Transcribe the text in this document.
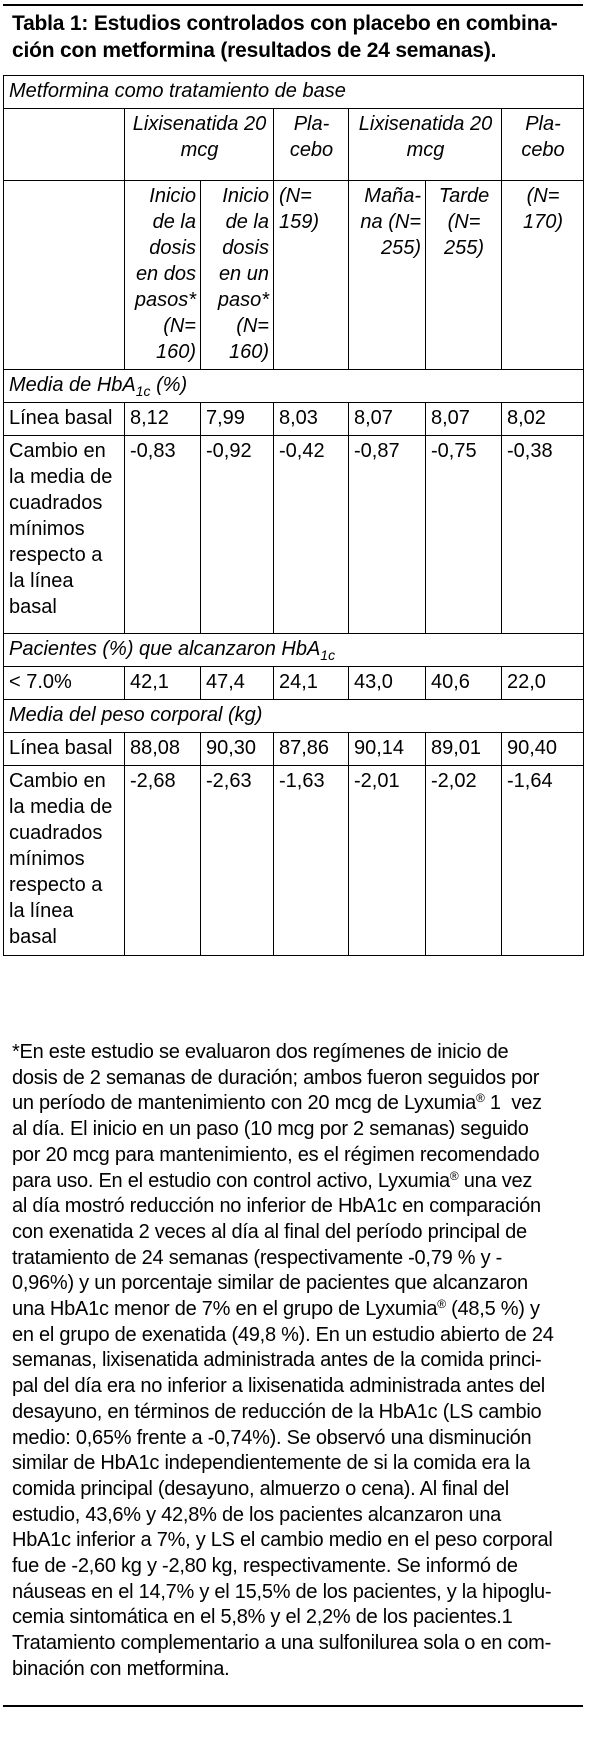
Tabla 1: Estudios controlados con placebo en combina-
ción con metformina (resultados de 24 semanas).
Metformina como tratamiento de base						
	Lixisenatida 20 mcg		Pla- cebo	Lixisenatida 20 mcg		Pla- cebo
	Inicio de la dosis en dos pasos* (N= 160)	Inicio de la dosis en un paso* (N= 160)	(N= 159)	Maña- na (N= 255)	Tarde (N= 255)	(N= 170)
Media de HbA$_{1c}$ (%)						
Línea basal	8,12	7,99	8,03	8,07	8,07	8,02
Cambio en la media de cuadrados mínimos respecto a la línea basal	-0,83	-0,92	-0,42	-0,87	-0,75	-0,38
Pacientes (%) que alcanzaron HbA$_{1c}$
< 7.0%	42,1	47,4	24,1	43,0	40,6	22,0
Media del peso corporal (kg)						
Línea basal	88,08	90,30	87,86	90,14	89,01	90,40
Cambio en la media de cuadrados mínimos respecto a la línea basal	-2,68	-2,63	-1,63	-2,01	-2,02	-1,64
*En este estudio se evaluaron dos regímenes de inicio de
dosis de 2 semanas de duración; ambos fueron seguidos por
un período de mantenimiento con 20 mcg de Lyxumia® 1  vez
al día. El inicio en un paso (10 mcg por 2 semanas) seguido
por 20 mcg para mantenimiento, es el régimen recomendado
para uso. En el estudio con control activo, Lyxumia® una vez
al día mostró reducción no inferior de HbA1c en comparación
con exenatida 2 veces al día al final del período principal de
tratamiento de 24 semanas (respectivamente -0,79 % y -
0,96%) y un porcentaje similar de pacientes que alcanzaron
una HbA1c menor de 7% en el grupo de Lyxumia® (48,5 %) y
en el grupo de exenatida (49,8 %). En un estudio abierto de 24
semanas, lixisenatida administrada antes de la comida princi-
pal del día era no inferior a lixisenatida administrada antes del
desayuno, en términos de reducción de la HbA1c (LS cambio
medio: 0,65% frente a -0,74%). Se observó una disminución
similar de HbA1c independientemente de si la comida era la
comida principal (desayuno, almuerzo o cena). Al final del
estudio, 43,6% y 42,8% de los pacientes alcanzaron una
HbA1c inferior a 7%, y LS el cambio medio en el peso corporal
fue de -2,60 kg y -2,80 kg, respectivamente. Se informó de
náuseas en el 14,7% y el 15,5% de los pacientes, y la hipoglu-
cemia sintomática en el 5,8% y el 2,2% de los pacientes.1
Tratamiento complementario a una sulfonilurea sola o en com-
binación con metformina.
